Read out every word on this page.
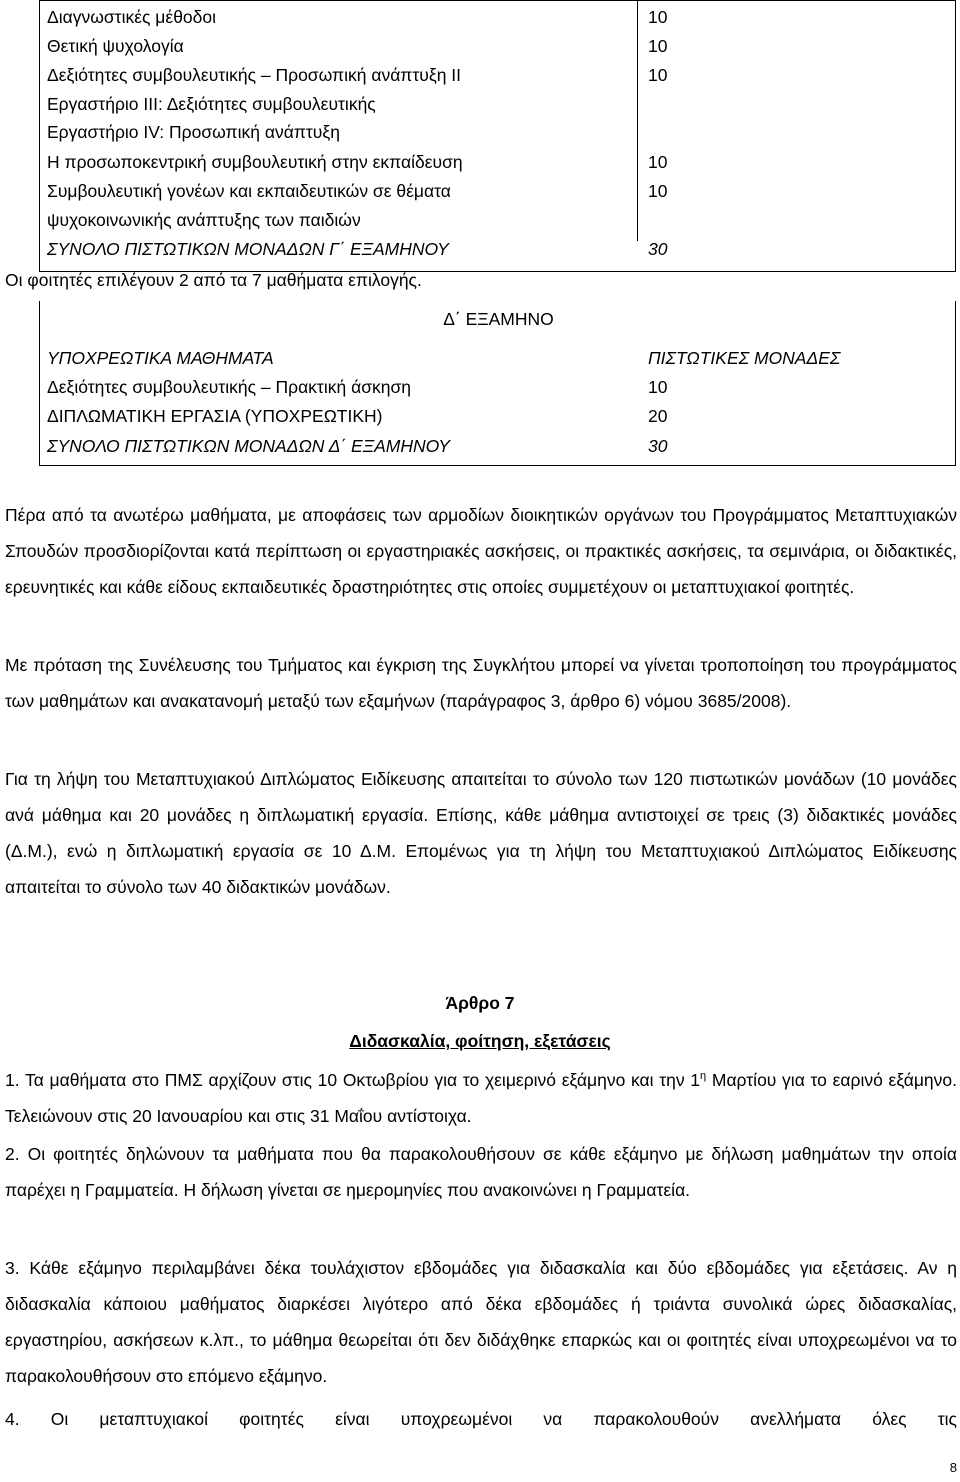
Διαγνωστικές μέθοδοι	10
Θετική ψυχολογία	10
Δεξιότητες συμβουλευτικής – Προσωπική ανάπτυξη ΙΙ	10
Εργαστήριο ΙΙΙ: Δεξιότητες συμβουλευτικής
Εργαστήριο ΙV: Προσωπική ανάπτυξη
Η προσωποκεντρική συμβουλευτική στην εκπαίδευση	10
Συμβουλευτική γονέων και εκπαιδευτικών σε θέματα	10
ψυχοκοινωνικής ανάπτυξης των παιδιών
ΣΥΝΟΛΟ ΠΙΣΤΩΤΙΚΩΝ ΜΟΝΑΔΩΝ Γ΄ ΕΞΑΜΗΝΟΥ	30
Οι φοιτητές επιλέγουν 2 από τα 7 μαθήματα επιλογής.
Δ΄ ΕΞΑΜΗΝΟ
ΥΠΟΧΡΕΩΤΙΚΑ ΜΑΘΗΜΑΤΑ	ΠΙΣΤΩΤΙΚΕΣ ΜΟΝΑΔΕΣ
Δεξιότητες συμβουλευτικής – Πρακτική άσκηση	10
ΔΙΠΛΩΜΑΤΙΚΗ ΕΡΓΑΣΙΑ (ΥΠΟΧΡΕΩΤΙΚΗ)	20
ΣΥΝΟΛΟ ΠΙΣΤΩΤΙΚΩΝ ΜΟΝΑΔΩΝ Δ΄ ΕΞΑΜΗΝΟΥ	30

Πέρα από τα ανωτέρω μαθήματα, με αποφάσεις των αρμοδίων διοικητικών οργάνων του Προγράμματος Μεταπτυχιακών Σπουδών προσδιορίζονται κατά περίπτωση οι εργαστηριακές ασκήσεις, οι πρακτικές ασκήσεις, τα σεμινάρια, οι διδακτικές, ερευνητικές και κάθε είδους εκπαιδευτικές δραστηριότητες στις οποίες συμμετέχουν οι μεταπτυχιακοί φοιτητές.

Με πρόταση της Συνέλευσης του Τμήματος και έγκριση της Συγκλήτου μπορεί να γίνεται τροποποίηση του προγράμματος των μαθημάτων και ανακατανομή μεταξύ των εξαμήνων (παράγραφος 3, άρθρο 6) νόμου 3685/2008).

Για τη λήψη του Μεταπτυχιακού Διπλώματος Ειδίκευσης απαιτείται το σύνολο των 120 πιστωτικών μονάδων (10 μονάδες ανά μάθημα και 20 μονάδες η διπλωματική εργασία. Επίσης, κάθε μάθημα αντιστοιχεί σε τρεις (3) διδακτικές μονάδες (Δ.Μ.), ενώ η διπλωματική εργασία σε 10 Δ.Μ. Επομένως για τη λήψη του Μεταπτυχιακού Διπλώματος Ειδίκευσης απαιτείται το σύνολο των 40 διδακτικών μονάδων.

Άρθρο 7
Διδασκαλία, φοίτηση, εξετάσεις

1. Τα μαθήματα στο ΠΜΣ αρχίζουν στις 10 Οκτωβρίου για το χειμερινό εξάμηνο και την $1^\eta$ Μαρτίου για το εαρινό εξάμηνο. Τελειώνουν στις 20 Ιανουαρίου και στις 31 Μαΐου αντίστοιχα.

2. Οι φοιτητές δηλώνουν τα μαθήματα που θα παρακολουθήσουν σε κάθε εξάμηνο με δήλωση μαθημάτων την οποία παρέχει η Γραμματεία. Η δήλωση γίνεται σε ημερομηνίες που ανακοινώνει η Γραμματεία.

3. Κάθε εξάμηνο περιλαμβάνει δέκα τουλάχιστον εβδομάδες για διδασκαλία και δύο εβδομάδες για εξετάσεις. Αν η διδασκαλία κάποιου μαθήματος διαρκέσει λιγότερο από δέκα εβδομάδες ή τριάντα συνολικά ώρες διδασκαλίας, εργαστηρίου, ασκήσεων κ.λπ., το μάθημα θεωρείται ότι δεν διδάχθηκε επαρκώς και οι φοιτητές είναι υποχρεωμένοι να το παρακολουθήσουν στο επόμενο εξάμηνο.

4. Οι μεταπτυχιακοί φοιτητές είναι υποχρεωμένοι να παρακολουθούν ανελλήματα όλες τις

8
